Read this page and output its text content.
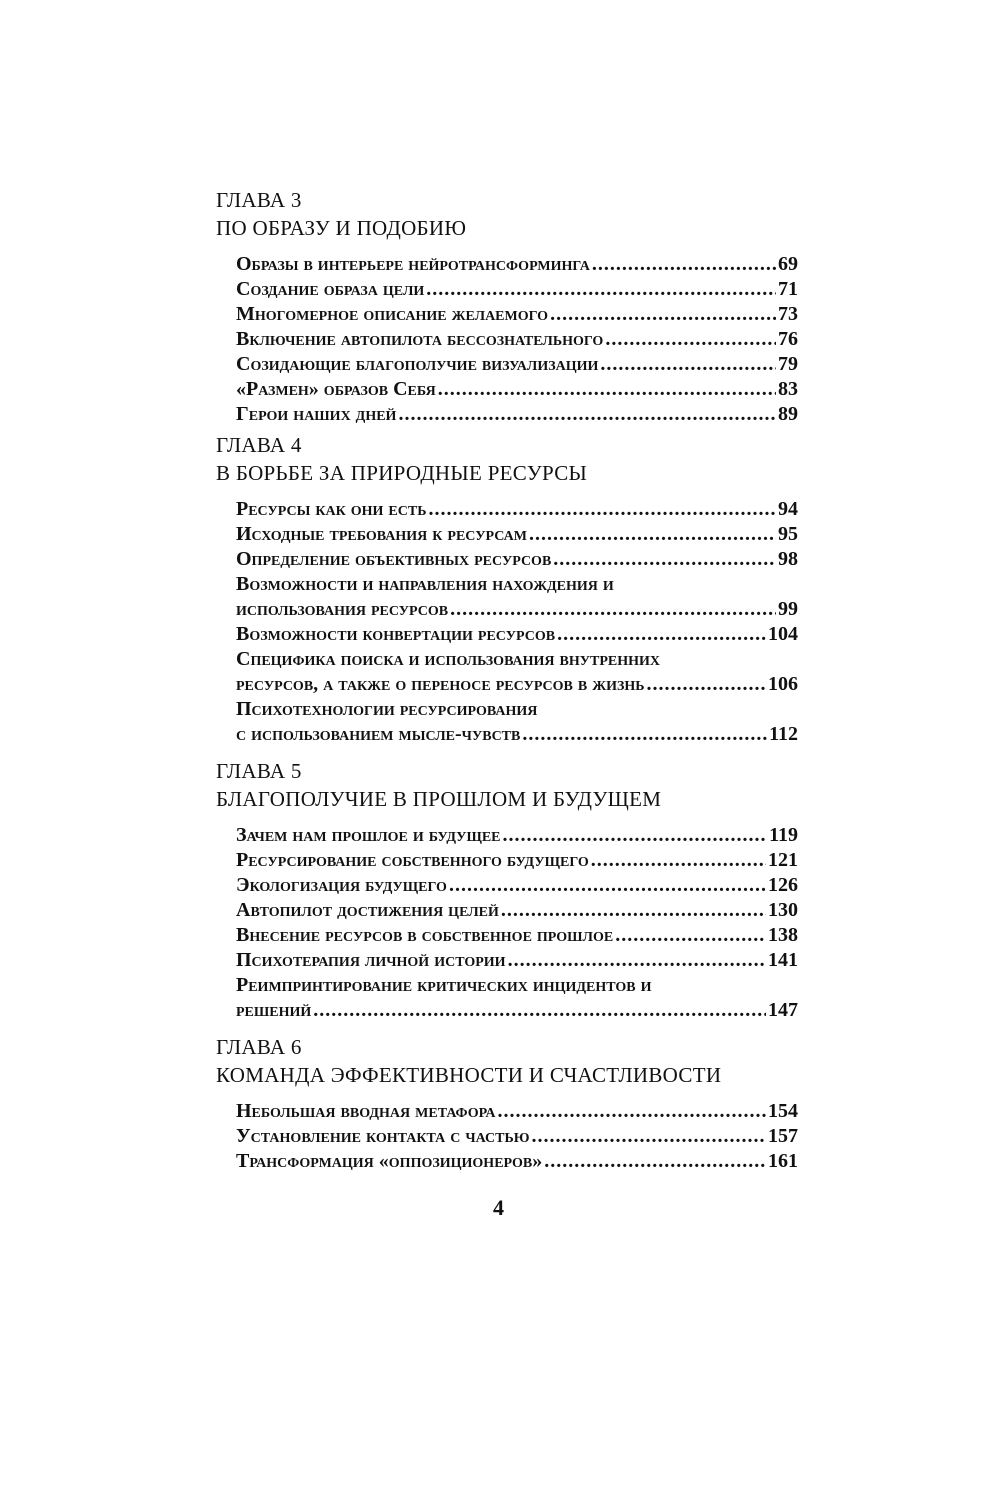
ГЛАВА 3
ПО ОБРАЗУ И ПОДОБИЮ
Образы в интерьере нейротрансформинга . . .	69
Создание образа цели . . .	71
Многомерное описание желаемого . . .	73
Включение автопилота бессознательного . . .	76
Созидающие благополучие визуализации . . .	79
«Размен» образов Себя . . .	83
Герои наших дней . . .	89
ГЛАВА 4
В БОРЬБЕ ЗА ПРИРОДНЫЕ РЕСУРСЫ
Ресурсы как они есть . . .	94
Исходные требования к ресурсам . . .	95
Определение объективных ресурсов . . .	98
Возможности и направления нахождения и
использования ресурсов . . .	99
Возможности конвертации ресурсов . . .	104
Специфика поиска и использования внутренних
ресурсов, а также о переносе ресурсов в жизнь . . .	106
Психотехнологии ресурсирования
с использованием мысле-чувств . . .	112
ГЛАВА 5
БЛАГОПОЛУЧИЕ В ПРОШЛОМ И БУДУЩЕМ
Зачем нам прошлое и будущее . . .	119
Ресурсирование собственного будущего . . .	121
Экологизация будущего . . .	126
Автопилот достижения целей . . .	130
Внесение ресурсов в собственное прошлое . . .	138
Психотерапия личной истории . . .	141
Реимпринтирование критических инцидентов и
решений . . .	147
ГЛАВА 6
КОМАНДА ЭФФЕКТИВНОСТИ И СЧАСТЛИВОСТИ
Небольшая вводная метафора . . .	154
Установление контакта с частью . . .	157
Трансформация «оппозиционеров» . . .	161
4
